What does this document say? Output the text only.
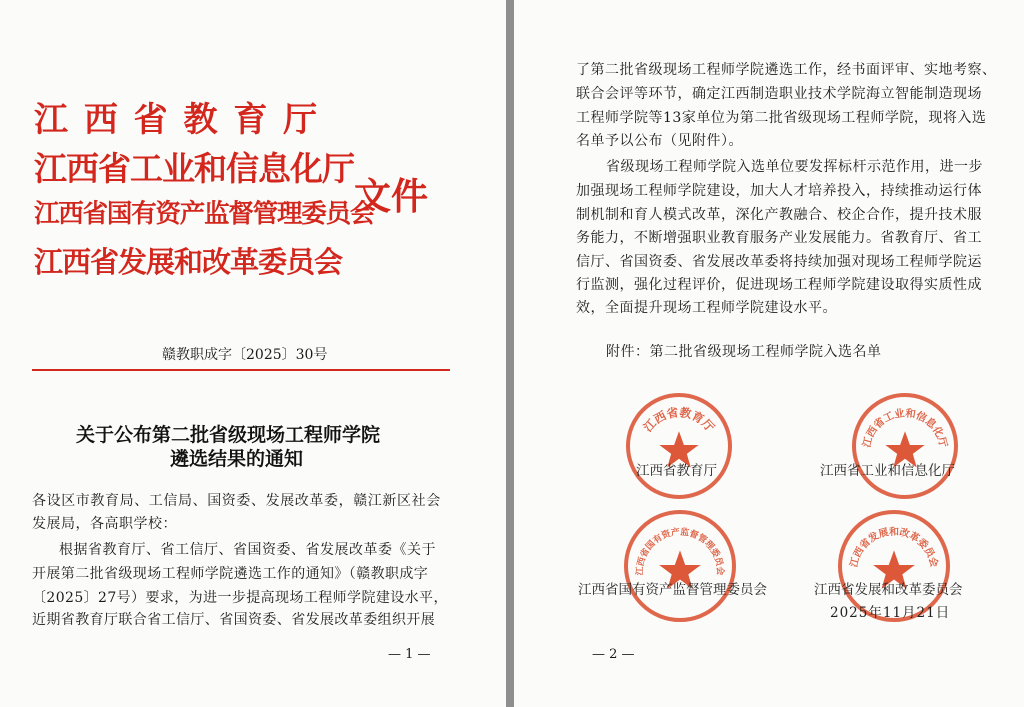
江 西 省 教 育 厅
江西省工业和信息化厅
江西省国有资产监督管理委员会
江西省发展和改革委员会
文件
赣教职成字〔2025〕30号
关于公布第二批省级现场工程师学院
遴选结果的通知
各设区市教育局、工信局、国资委、发展改革委，赣江新区社会
发展局，各高职学校：
根据省教育厅、省工信厅、省国资委、省发展改革委《关于
开展第二批省级现场工程师学院遴选工作的通知》（赣教职成字
〔2025〕27号）要求，为进一步提高现场工程师学院建设水平，
近期省教育厅联合省工信厅、省国资委、省发展改革委组织开展
— 1 —
了第二批省级现场工程师学院遴选工作，经书面评审、实地考察、
联合会评等环节，确定江西制造职业技术学院海立智能制造现场
工程师学院等13家单位为第二批省级现场工程师学院，现将入选
名单予以公布（见附件）。
省级现场工程师学院入选单位要发挥标杆示范作用，进一步
加强现场工程师学院建设，加大人才培养投入，持续推动运行体
制机制和育人模式改革，深化产教融合、校企合作，提升技术服
务能力，不断增强职业教育服务产业发展能力。省教育厅、省工
信厅、省国资委、省发展改革委将持续加强对现场工程师学院运
行监测，强化过程评价，促进现场工程师学院建设取得实质性成
效，全面提升现场工程师学院建设水平。
附件：第二批省级现场工程师学院入选名单
江西省教育厅
江西省工业和信息化厅
江西省国有资产监督管理委员会
江西省发展和改革委员会
江西省教育厅	江西省工业和信息化厅
江西省国有资产监督管理委员会	江西省发展和改革委员会
2025年11月21日
— 2 —
